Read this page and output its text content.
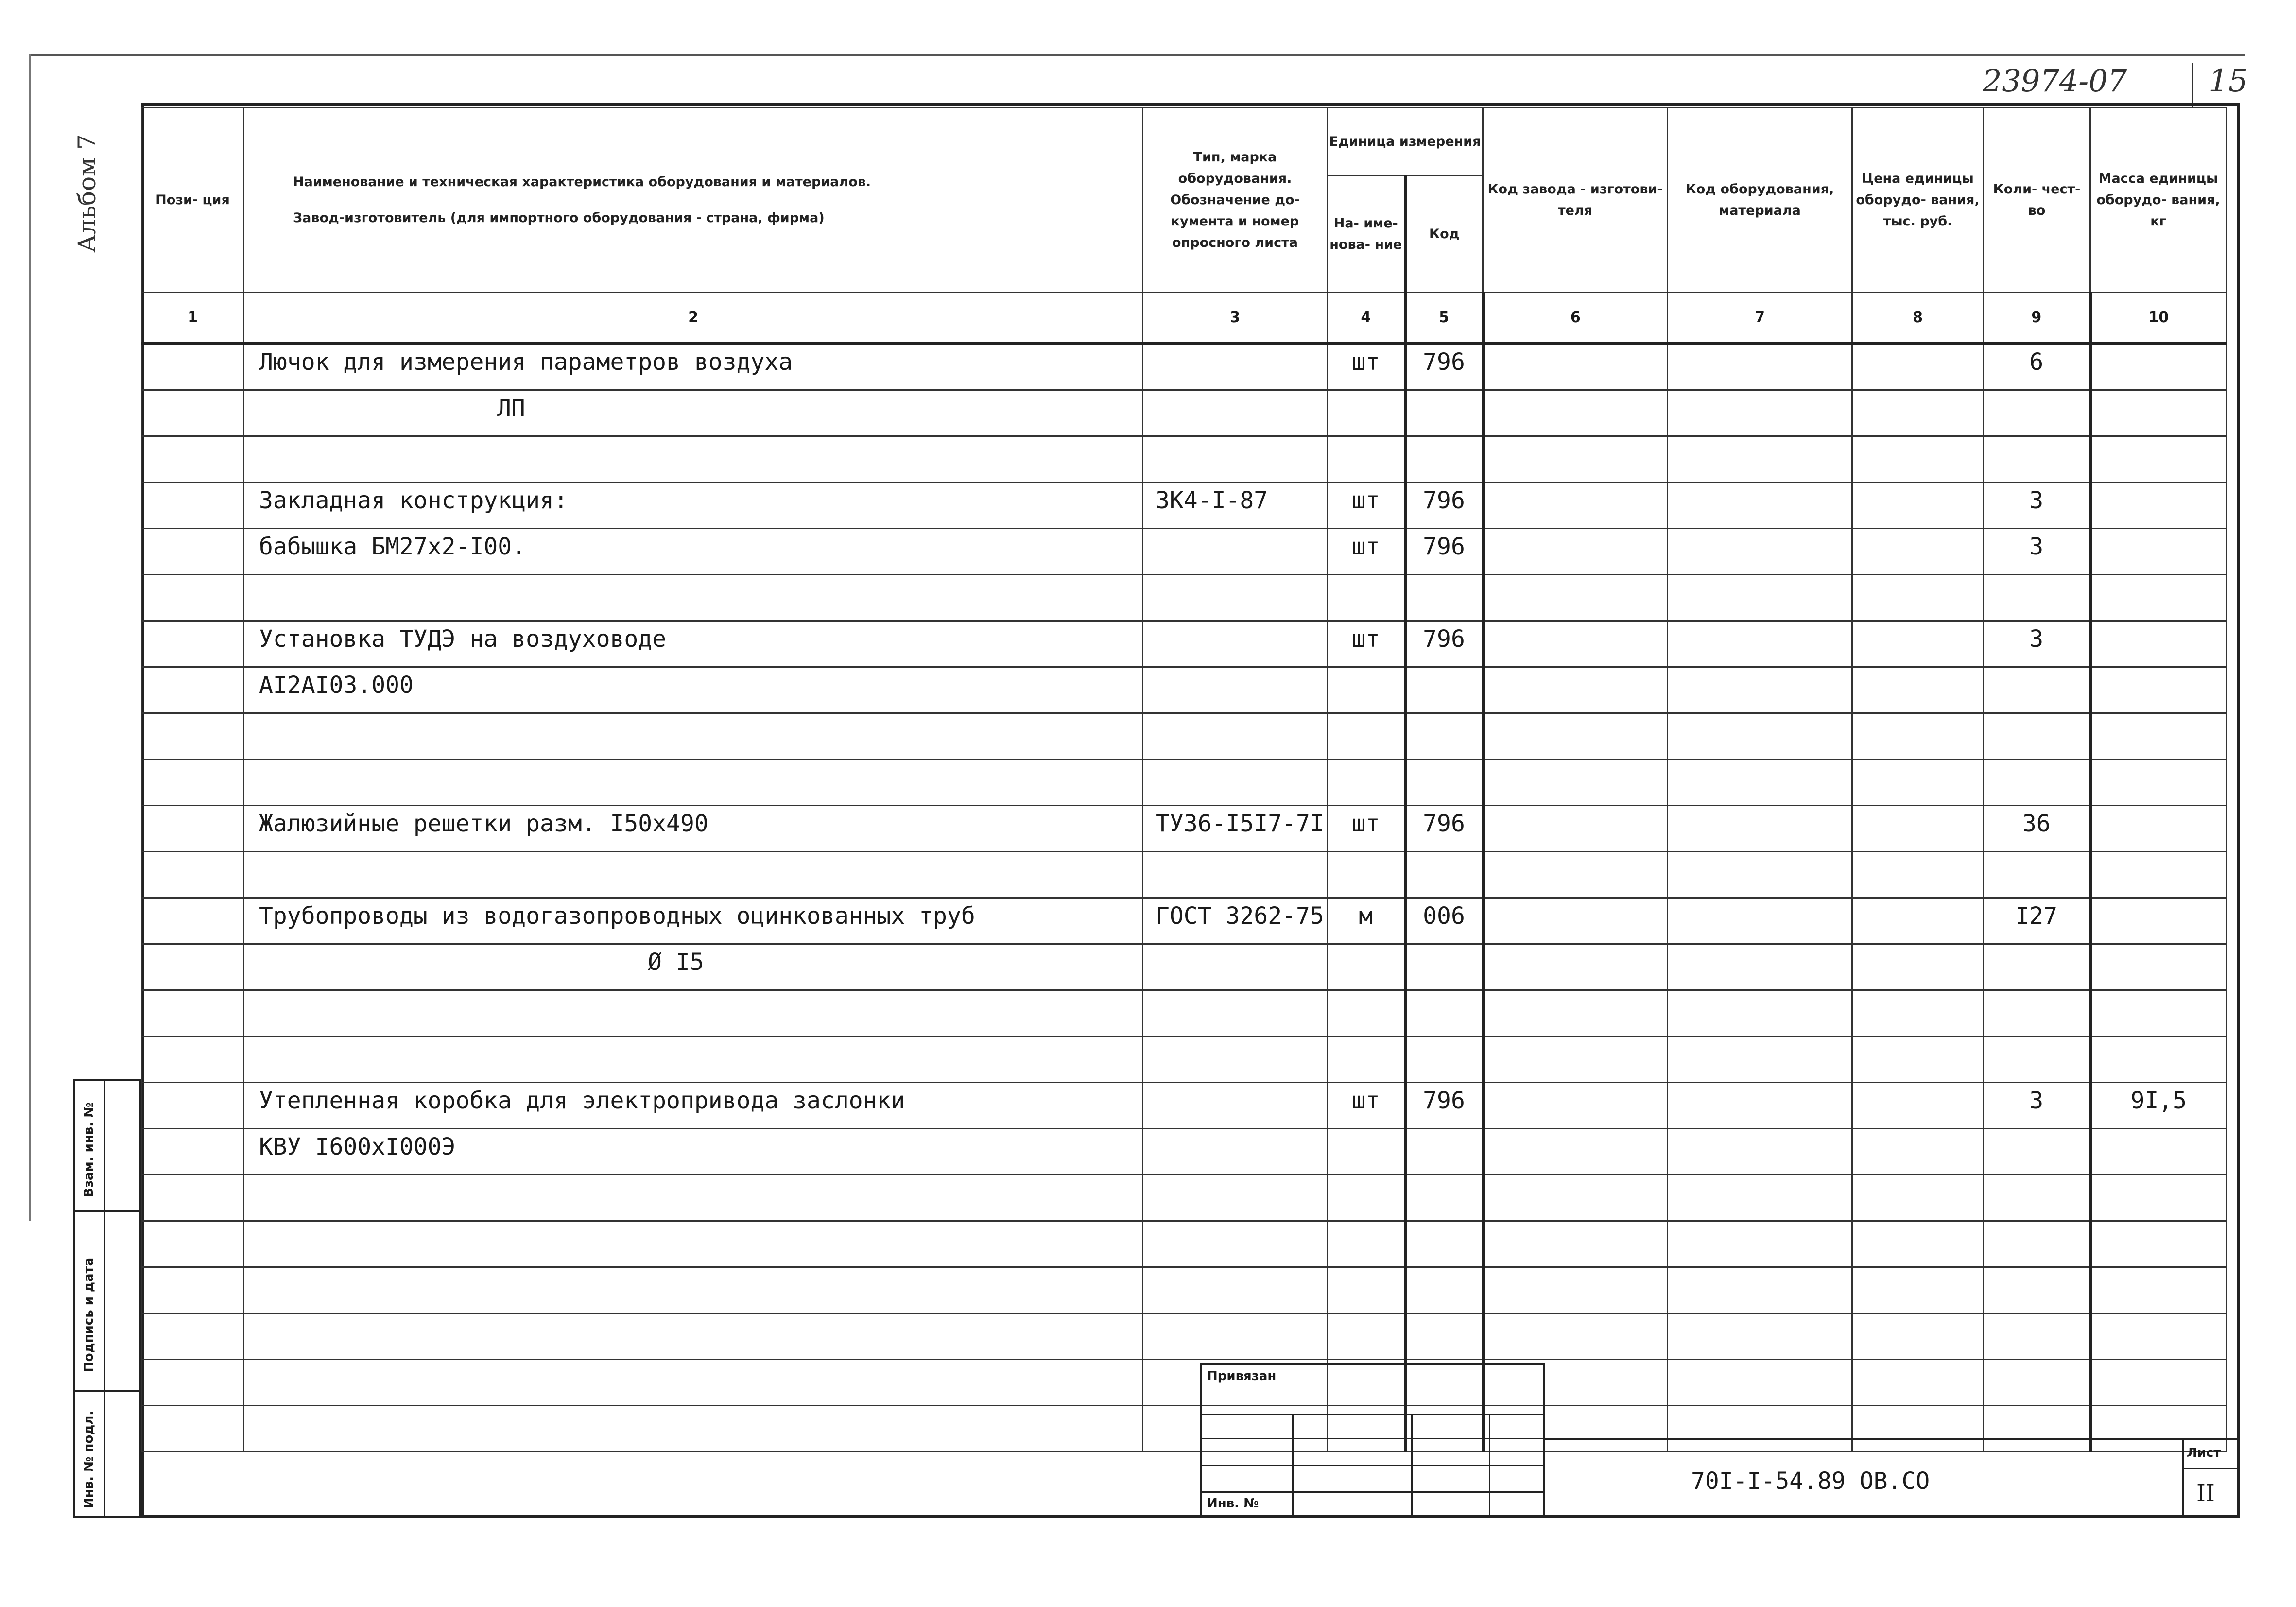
23974-07	15
Альбом 7	Пози- ция	Наименование и техническая характеристика оборудования и материалов.
Завод-изготовитель (для импортного оборудования - страна, фирма)	Тип, марка оборудования. Обозначение до- кумента и номер опросного листа	Единица измерения		Код завода - изготови- теля	Код оборудования, материала	Цена единицы оборудо- вания, тыс. руб.	Коли- чест- во	Масса единицы оборудо- вания, кг
			На- име- нова- ние	Код					
1	2	3	4	5	6	7	8	9	10
	Лючок для измерения параметров воздуха		шт	796				6	
	ЛП								

	Закладная конструкция:	ЗК4-I-87	шт	796				3	
	бабышка БМ27х2-I00.		шт	796				3	

	Установка ТУДЭ на воздуховоде		шт	796				3	
	АI2АI03.000								

	Жалюзийные решетки разм. I50х490	ТУ36-I5I7-7I	шт	796				36	

	Трубопроводы из водогазопроводных оцинкованных труб	ГОСТ 3262-75	м	006				I27	
	Ø I5								

	Утепленная коробка для электропривода заслонки		шт	796				3	9I,5
	КВУ I600хI000Э								

Взам. инв. №
Подпись и дата
Инв. № подл.
Привязан
Инв. №
70I-I-54.89 ОВ.СО
Лист
II
